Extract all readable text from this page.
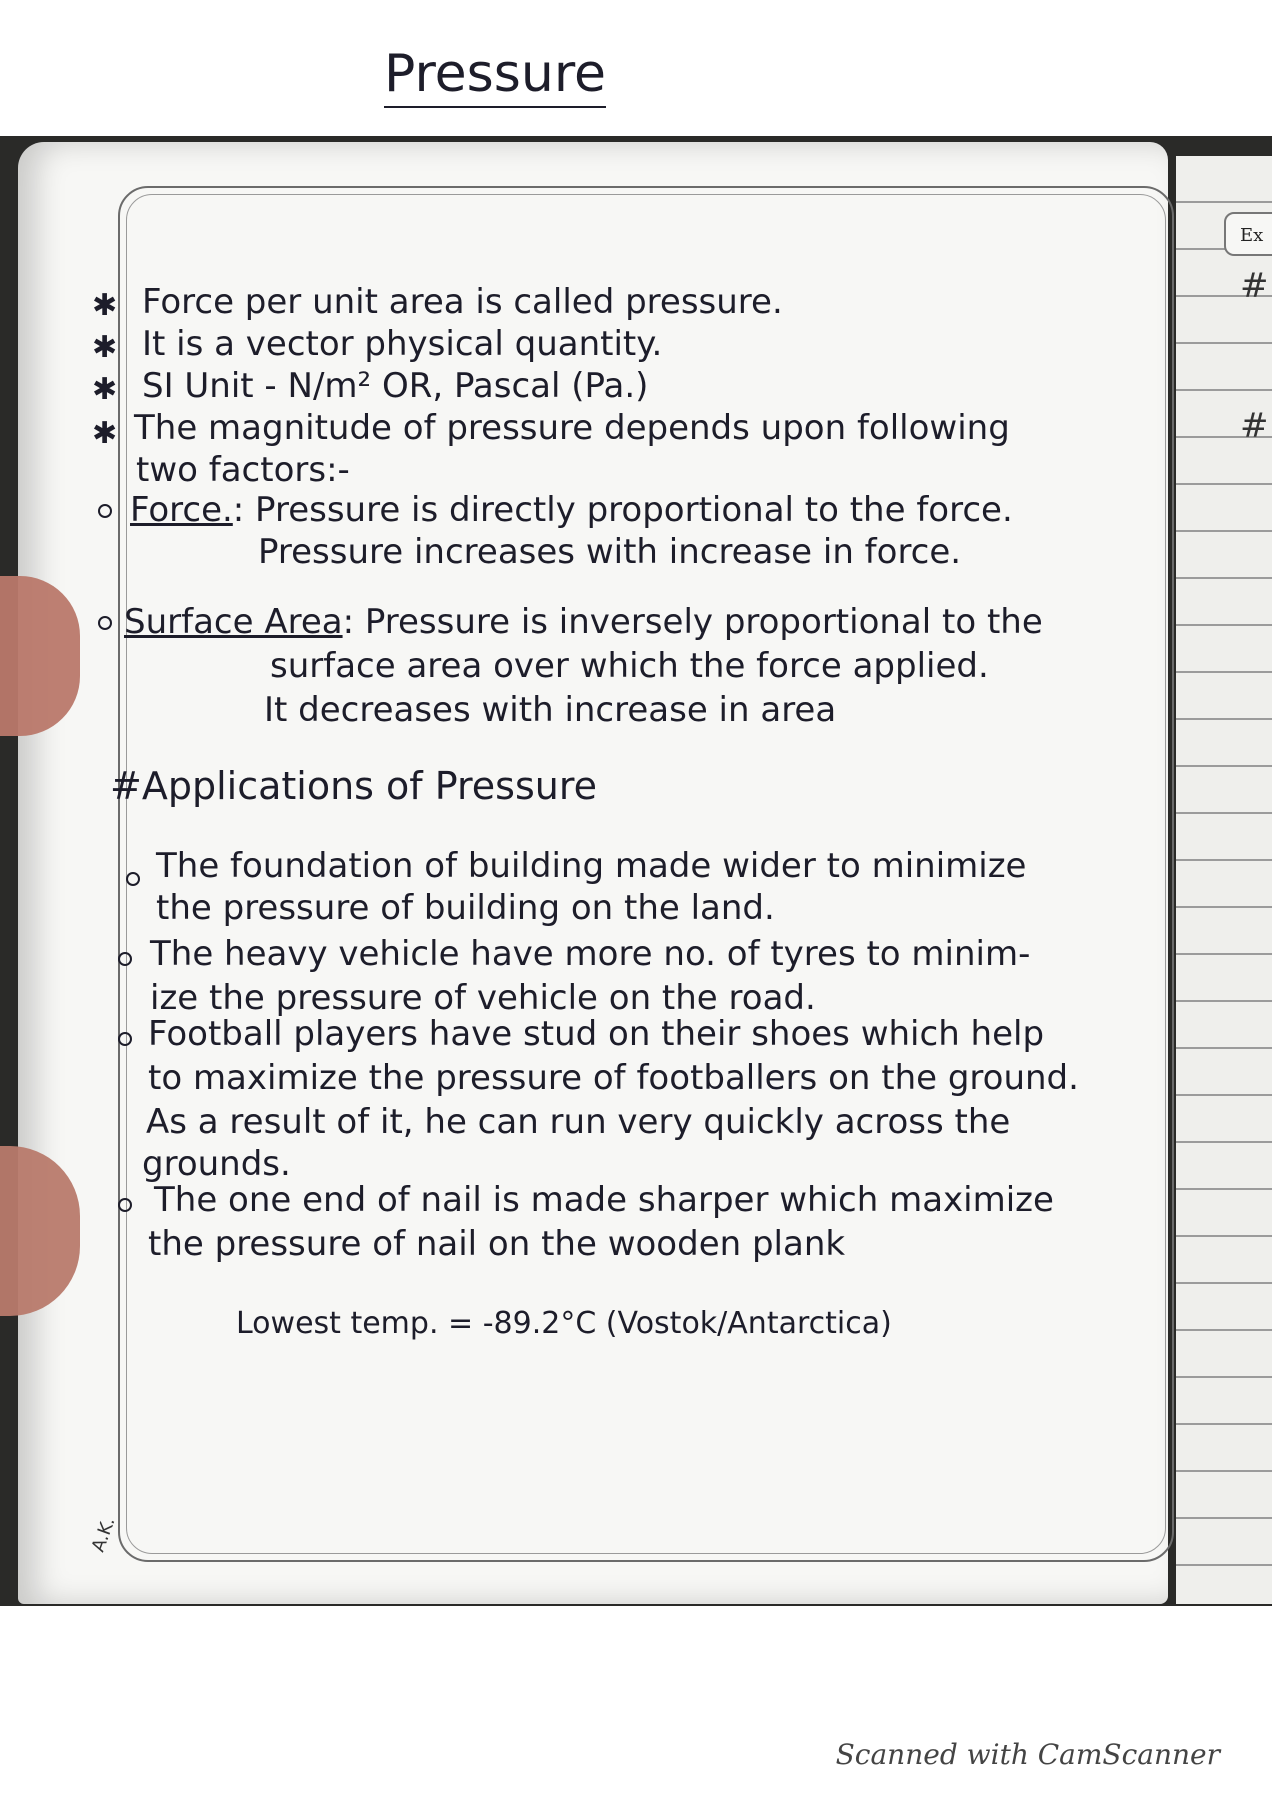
Ex
#
#
A.K.
Pressure
✱ Force per unit area is called pressure.
✱ It is a vector physical quantity.
✱ SI Unit - N/m² OR, Pascal (Pa.)
✱ The magnitude of pressure depends upon following
two factors:-
Force.: Pressure is directly proportional to the force.
Pressure increases with increase in force.
Surface Area: Pressure is inversely proportional to the
surface area over which the force applied.
It decreases with increase in area
#Applications of Pressure
The foundation of building made wider to minimize
the pressure of building on the land.
The heavy vehicle have more no. of tyres to minim-
ize the pressure of vehicle on the road.
Football players have stud on their shoes which help
to maximize the pressure of footballers on the ground.
As a result of it, he can run very quickly across the
grounds.
The one end of nail is made sharper which maximize
the pressure of nail on the wooden plank
Lowest temp. = -89.2°C (Vostok/Antarctica)
Scanned with CamScanner
